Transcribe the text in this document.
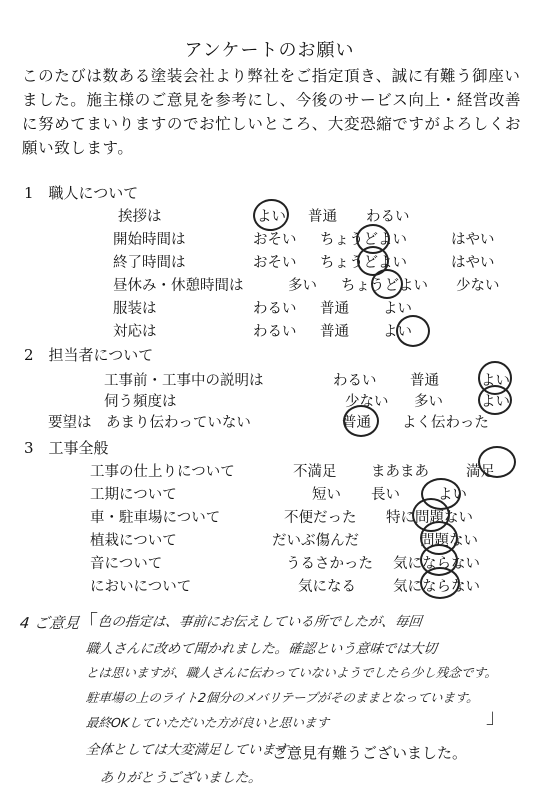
アンケートのお願い
このたびは数ある塗装会社より弊社をご指定頂き、誠に有難う御座いました。施主様のご意見を参考にし、今後のサービス向上・経営改善に努めてまいりますのでお忙しいところ、大変恐縮ですがよろしくお願い致します。
1　職人について
挨拶は	よい 普通 わるい
開始時間は	おそい ちょうどよい	はやい
終了時間は	おそい ちょうどよい	はやい
昼休み・休憩時間は	多い ちょうどよい 少ない
服装は	わるい 普通 よい
対応は	わるい 普通 よい
2　担当者について
工事前・工事中の説明は	わるい 普通	よい
伺う頻度は	少ない 多い	よい
要望は あまり伝わっていない	普通 よく伝わった
3　工事全般
工事の仕上りについて	不満足 まあまあ	満足
工期について	短い 長い	よい
車・駐車場について	不便だった 特に問題ない
植栽について	だいぶ傷んだ	問題ない
音について	うるさかった 気にならない
においについて	気になる	気にならない
4 ご意見
「
色の指定は、事前にお伝えしている所でしたが、毎回
職人さんに改めて聞かれました。確認という意味では大切
とは思いますが、職人さんに伝わっていないようでしたら少し残念です。
駐車場の上のライト2個分のメバリテープがそのままとなっています。
最終OKしていただいた方が良いと思います	」
全体としては大変満足しています
ご意見有難うございました。
ありがとうございました。
